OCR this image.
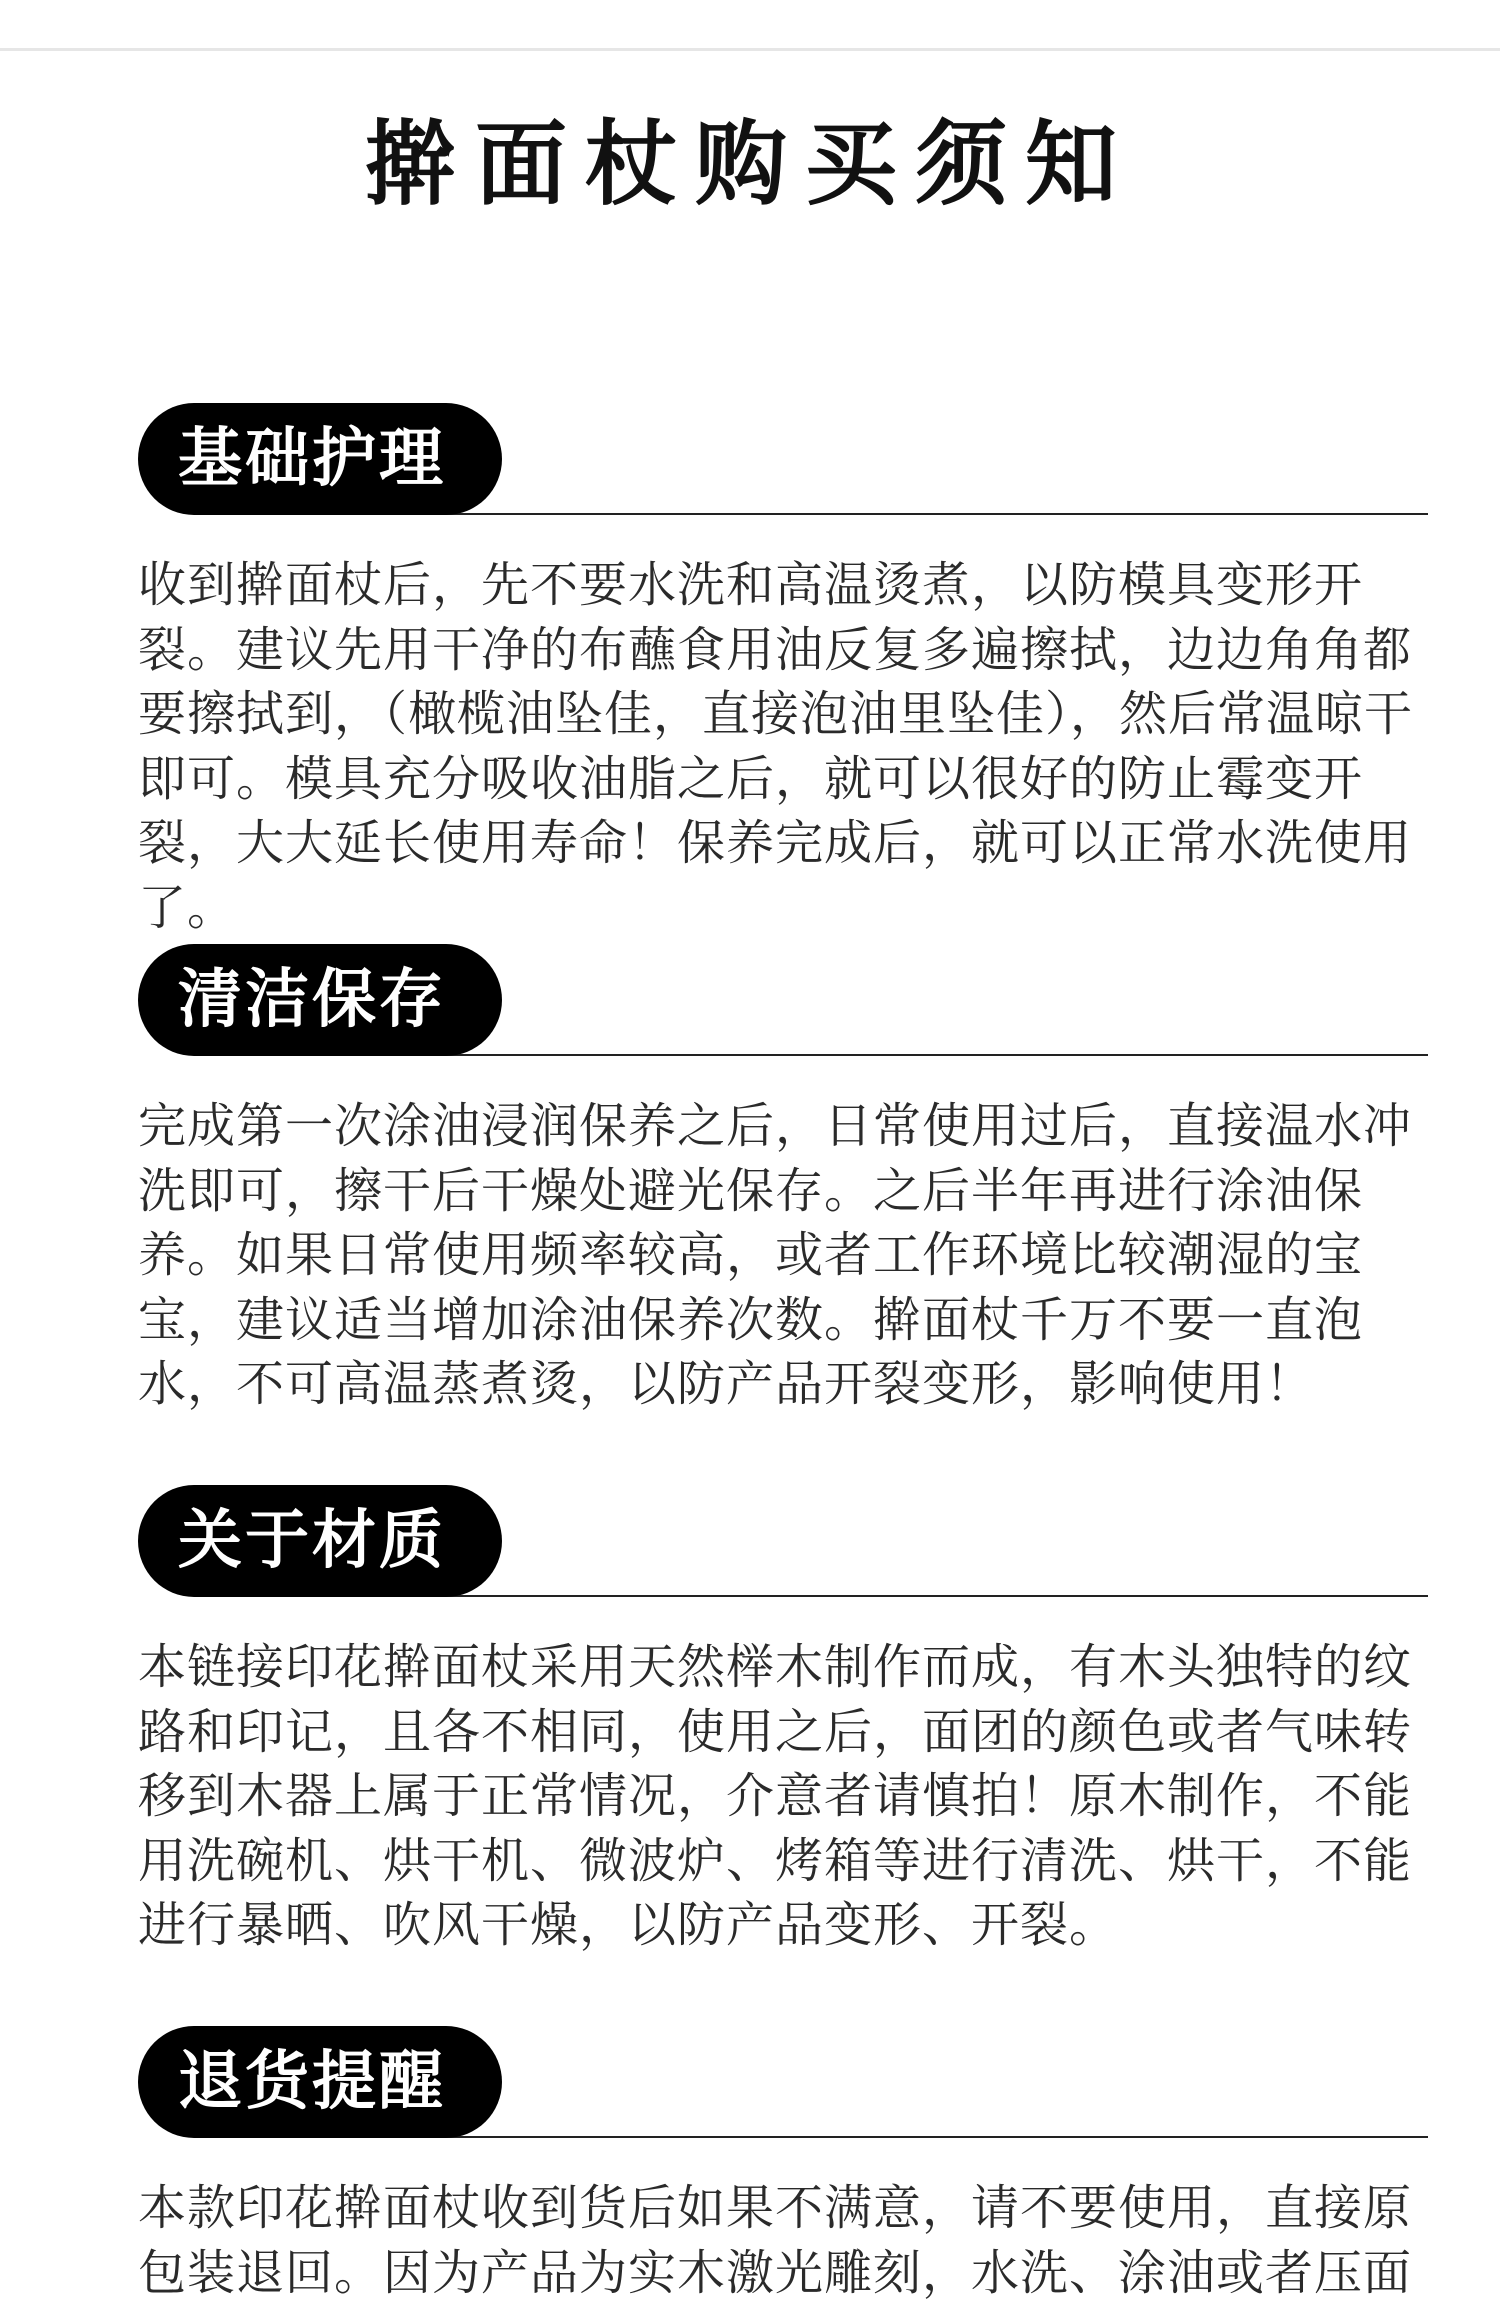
擀面杖购买须知
基础护理

收到擀面杖后，先不要水洗和高温烫煮，以防模具变形开裂。建议先用干净的布蘸食用油反复多遍擦拭，边边角角都要擦拭到，（橄榄油坠佳，直接泡油里坠佳），然后常温晾干即可。模具充分吸收油脂之后，就可以很好的防止霉变开裂，大大延长使用寿命！保养完成后，就可以正常水洗使用了。

清洁保存

完成第一次涂油浸润保养之后，日常使用过后，直接温水冲洗即可，擦干后干燥处避光保存。之后半年再进行涂油保养。如果日常使用频率较高，或者工作环境比较潮湿的宝宝，建议适当增加涂油保养次数。擀面杖千万不要一直泡水，不可高温蒸煮烫，以防产品开裂变形，影响使用！

关于材质

本链接印花擀面杖采用天然榉木制作而成，有木头独特的纹路和印记，且各不相同，使用之后，面团的颜色或者气味转移到木器上属于正常情况，介意者请慎拍！原木制作，不能用洗碗机、烘干机、微波炉、烤箱等进行清洗、烘干，不能进行暴晒、吹风干燥，以防产品变形、开裂。

退货提醒

本款印花擀面杖收到货后如果不满意，请不要使用，直接原包装退回。因为产品为实木激光雕刻，水洗、涂油或者压面
